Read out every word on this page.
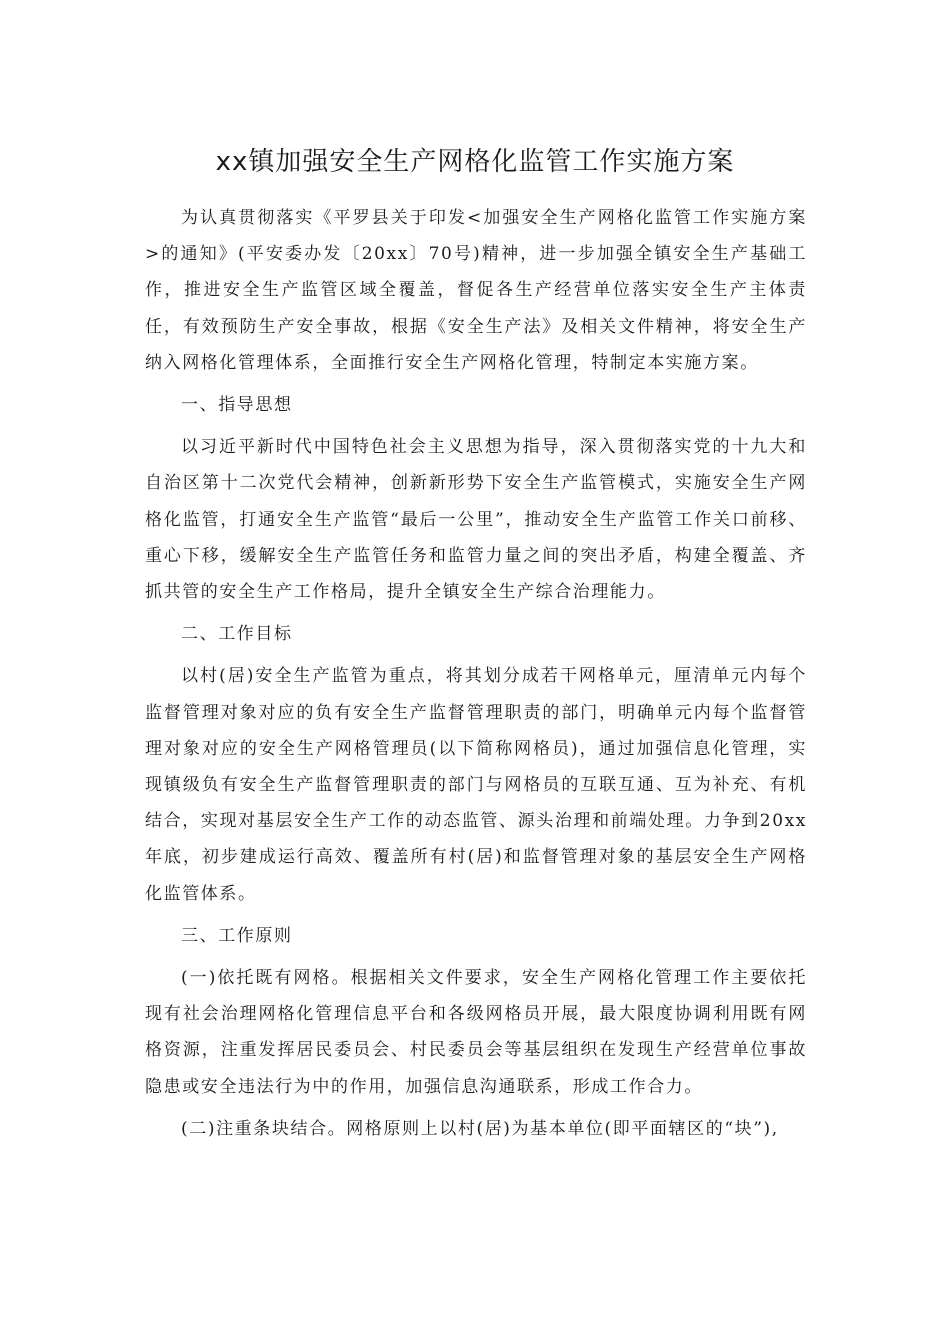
xx镇加强安全生产网格化监管工作实施方案

为认真贯彻落实《平罗县关于印发<加强安全生产网格化监管工作实施方案>的通知》(平安委办发〔20xx〕70号)精神，进一步加强全镇安全生产基础工作，推进安全生产监管区域全覆盖，督促各生产经营单位落实安全生产主体责任，有效预防生产安全事故，根据《安全生产法》及相关文件精神，将安全生产纳入网格化管理体系，全面推行安全生产网格化管理，特制定本实施方案。

一、指导思想

以习近平新时代中国特色社会主义思想为指导，深入贯彻落实党的十九大和自治区第十二次党代会精神，创新新形势下安全生产监管模式，实施安全生产网格化监管，打通安全生产监管“最后一公里”，推动安全生产监管工作关口前移、重心下移，缓解安全生产监管任务和监管力量之间的突出矛盾，构建全覆盖、齐抓共管的安全生产工作格局，提升全镇安全生产综合治理能力。

二、工作目标

以村(居)安全生产监管为重点，将其划分成若干网格单元，厘清单元内每个监督管理对象对应的负有安全生产监督管理职责的部门，明确单元内每个监督管理对象对应的安全生产网格管理员(以下简称网格员)，通过加强信息化管理，实现镇级负有安全生产监督管理职责的部门与网格员的互联互通、互为补充、有机结合，实现对基层安全生产工作的动态监管、源头治理和前端处理。力争到20xx年底，初步建成运行高效、覆盖所有村(居)和监督管理对象的基层安全生产网格化监管体系。

三、工作原则

(一)依托既有网格。根据相关文件要求，安全生产网格化管理工作主要依托现有社会治理网格化管理信息平台和各级网格员开展，最大限度协调利用既有网格资源，注重发挥居民委员会、村民委员会等基层组织在发现生产经营单位事故隐患或安全违法行为中的作用，加强信息沟通联系，形成工作合力。

(二)注重条块结合。网格原则上以村(居)为基本单位(即平面辖区的“块”),
